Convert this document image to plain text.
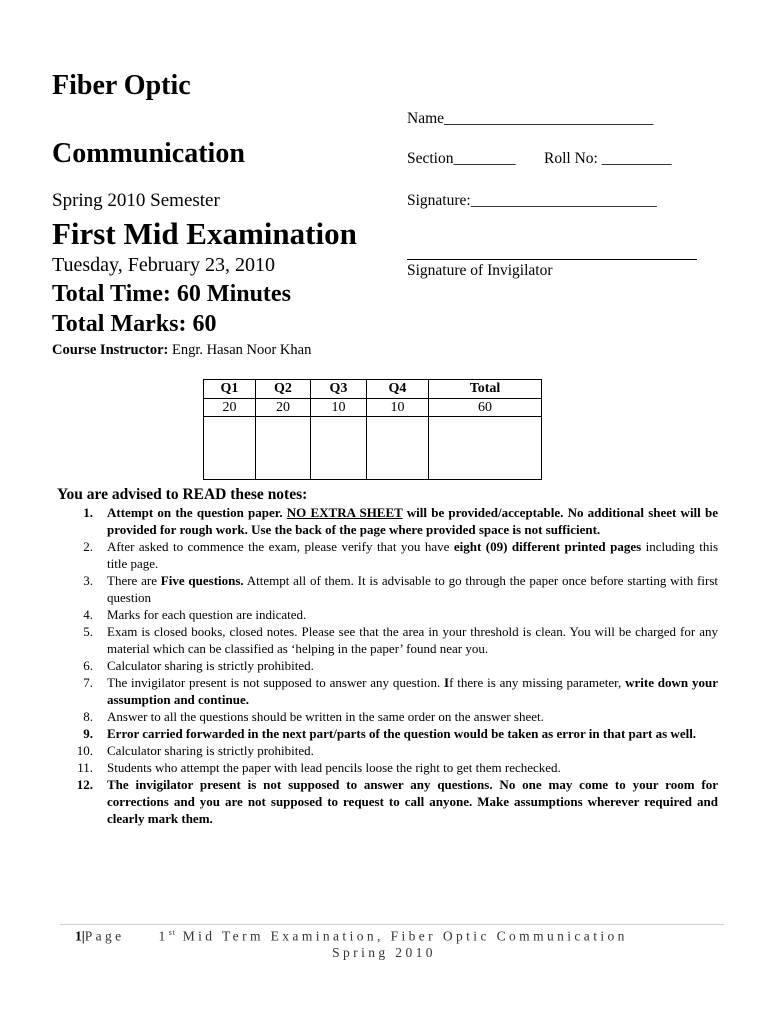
Fiber Optic
Communication
Spring 2010 Semester
First Mid Examination
Tuesday, February 23, 2010
Total Time: 60 Minutes
Total Marks: 60
Course Instructor: Engr. Hasan Noor Khan
Name___________________________
Section________ Roll No: _________
Signature:________________________
Signature of Invigilator
Q1	Q2	Q3	Q4	Total
20	20	10	10	60

You are advised to READ these notes:
1. Attempt on the question paper. NO EXTRA SHEET will be provided/acceptable. No additional sheet will be provided for rough work. Use the back of the page where provided space is not sufficient.
2. After asked to commence the exam, please verify that you have eight (09) different printed pages including this title page.
3. There are Five questions. Attempt all of them. It is advisable to go through the paper once before starting with first question
4. Marks for each question are indicated.
5. Exam is closed books, closed notes. Please see that the area in your threshold is clean. You will be charged for any material which can be classified as ‘helping in the paper’ found near you.
6. Calculator sharing is strictly prohibited.
7. The invigilator present is not supposed to answer any question. If there is any missing parameter, write down your assumption and continue.
8. Answer to all the questions should be written in the same order on the answer sheet.
9. Error carried forwarded in the next part/parts of the question would be taken as error in that part as well.
10. Calculator sharing is strictly prohibited.
11. Students who attempt the paper with lead pencils loose the right to get them rechecked.
12. The invigilator present is not supposed to answer any questions. No one may come to your room for corrections and you are not supposed to request to call anyone. Make assumptions wherever required and clearly mark them.
1|Page	1st Mid Term Examination, Fiber Optic Communication
Spring 2010
